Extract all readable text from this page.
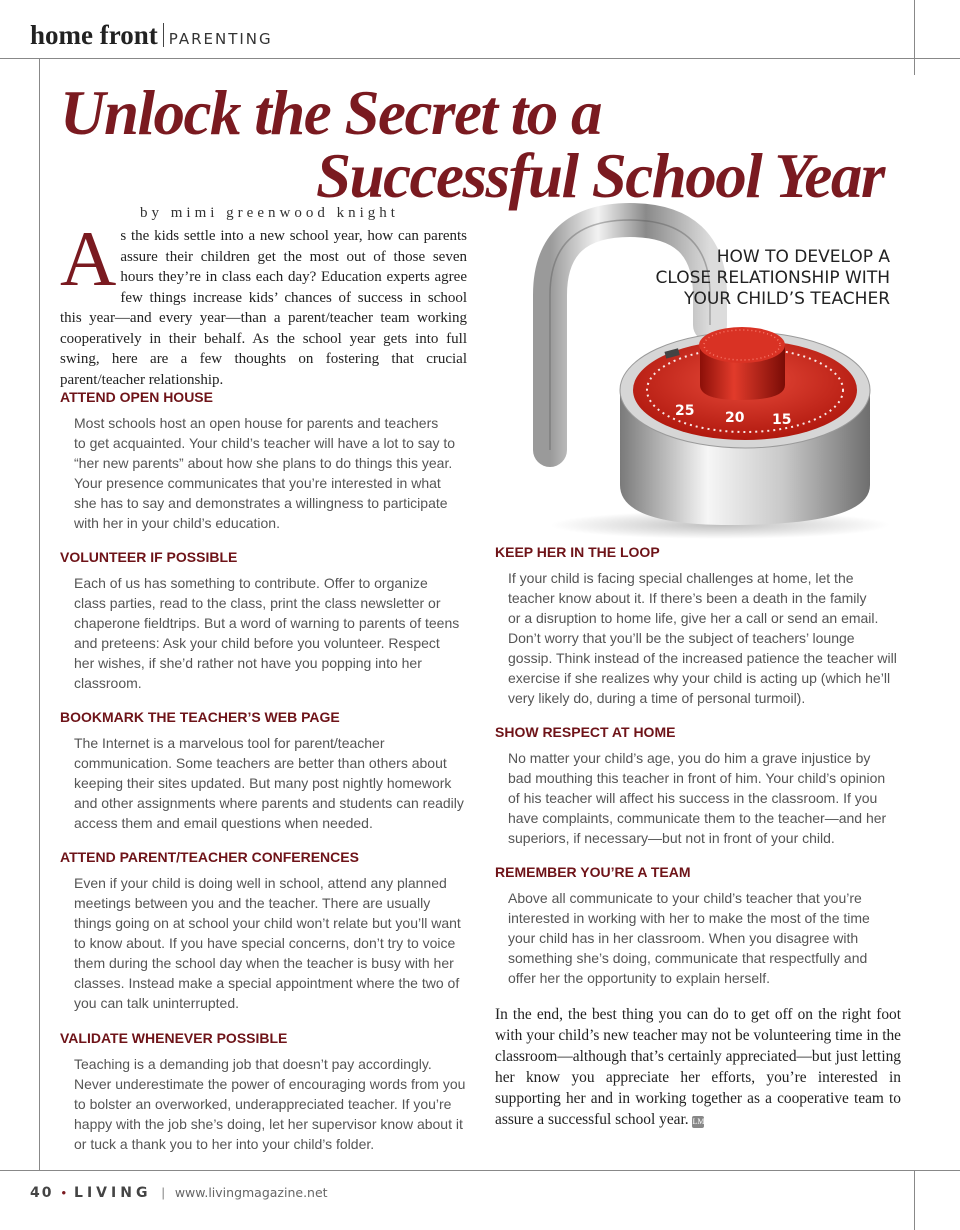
home front PARENTING
Unlock the Secret to a
Successful School Year
by mimi greenwood knight
As the kids settle into a new school year, how can parents assure their children get the most out of those seven hours they’re in class each day? Education experts agree few things increase kids’ chances of success in school this year—and every year—than a parent/teacher team working cooperatively in their behalf. As the school year gets into full swing, here are a few thoughts on fostering that crucial parent/teacher relationship.
25 20 15
HOW TO DEVELOP A
CLOSE RELATIONSHIP WITH
YOUR CHILD’S TEACHER

ATTEND OPEN HOUSE

Most schools host an open house for parents and teachers

to get acquainted. Your child’s teacher will have a lot to say to

“her new parents” about how she plans to do things this year.

Your presence communicates that you’re interested in what

she has to say and demonstrates a willingness to participate

with her in your child’s education.

VOLUNTEER IF POSSIBLE

Each of us has something to contribute. Offer to organize

class parties, read to the class, print the class newsletter or

chaperone fieldtrips. But a word of warning to parents of teens

and preteens: Ask your child before you volunteer. Respect

her wishes, if she’d rather not have you popping into her

classroom.

BOOKMARK THE TEACHER’S WEB PAGE

The Internet is a marvelous tool for parent/teacher

communication. Some teachers are better than others about

keeping their sites updated. But many post nightly homework

and other assignments where parents and students can readily

access them and email questions when needed.

ATTEND PARENT/TEACHER CONFERENCES

Even if your child is doing well in school, attend any planned

meetings between you and the teacher. There are usually

things going on at school your child won’t relate but you’ll want

to know about. If you have special concerns, don’t try to voice

them during the school day when the teacher is busy with her

classes. Instead make a special appointment where the two of

you can talk uninterrupted.

VALIDATE WHENEVER POSSIBLE

Teaching is a demanding job that doesn’t pay accordingly.

Never underestimate the power of encouraging words from you

to bolster an overworked, underappreciated teacher. If you’re

happy with the job she’s doing, let her supervisor know about it

or tuck a thank you to her into your child’s folder.

KEEP HER IN THE LOOP

If your child is facing special challenges at home, let the

teacher know about it. If there’s been a death in the family

or a disruption to home life, give her a call or send an email.

Don’t worry that you’ll be the subject of teachers’ lounge

gossip. Think instead of the increased patience the teacher will

exercise if she realizes why your child is acting up (which he’ll

very likely do, during a time of personal turmoil).

SHOW RESPECT AT HOME

No matter your child’s age, you do him a grave injustice by

bad mouthing this teacher in front of him. Your child’s opinion

of his teacher will affect his success in the classroom. If you

have complaints, communicate them to the teacher—and her

superiors, if necessary—but not in front of your child.

REMEMBER YOU’RE A TEAM

Above all communicate to your child’s teacher that you’re

interested in working with her to make the most of the time

your child has in her classroom. When you disagree with

something she’s doing, communicate that respectfully and

offer her the opportunity to explain herself.

In the end, the best thing you can do to get off on the right foot with your child’s new teacher may not be volunteering time in the classroom—although that’s certainly appreciated—but just letting her know you appreciate her efforts, you’re interested in supporting her and in working together as a cooperative team to assure a successful school year. LM
40 • LIVING | www.livingmagazine.net
